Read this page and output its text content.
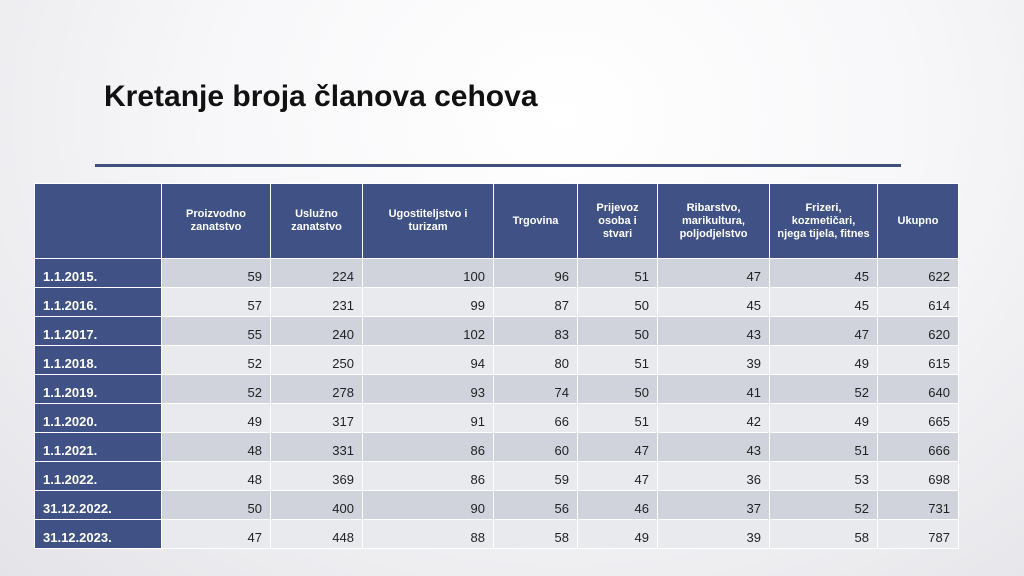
Kretanje broja članova cehova
	Proizvodno zanatstvo	Uslužno zanatstvo	Ugostiteljstvo i turizam	Trgovina	Prijevoz osoba i stvari	Ribarstvo, marikultura, poljodjelstvo	Frizeri, kozmetičari, njega tijela, fitnes	Ukupno
1.1.2015.	59	224	100	96	51	47	45	622
1.1.2016.	57	231	99	87	50	45	45	614
1.1.2017.	55	240	102	83	50	43	47	620
1.1.2018.	52	250	94	80	51	39	49	615
1.1.2019.	52	278	93	74	50	41	52	640
1.1.2020.	49	317	91	66	51	42	49	665
1.1.2021.	48	331	86	60	47	43	51	666
1.1.2022.	48	369	86	59	47	36	53	698
31.12.2022.	50	400	90	56	46	37	52	731
31.12.2023.	47	448	88	58	49	39	58	787
